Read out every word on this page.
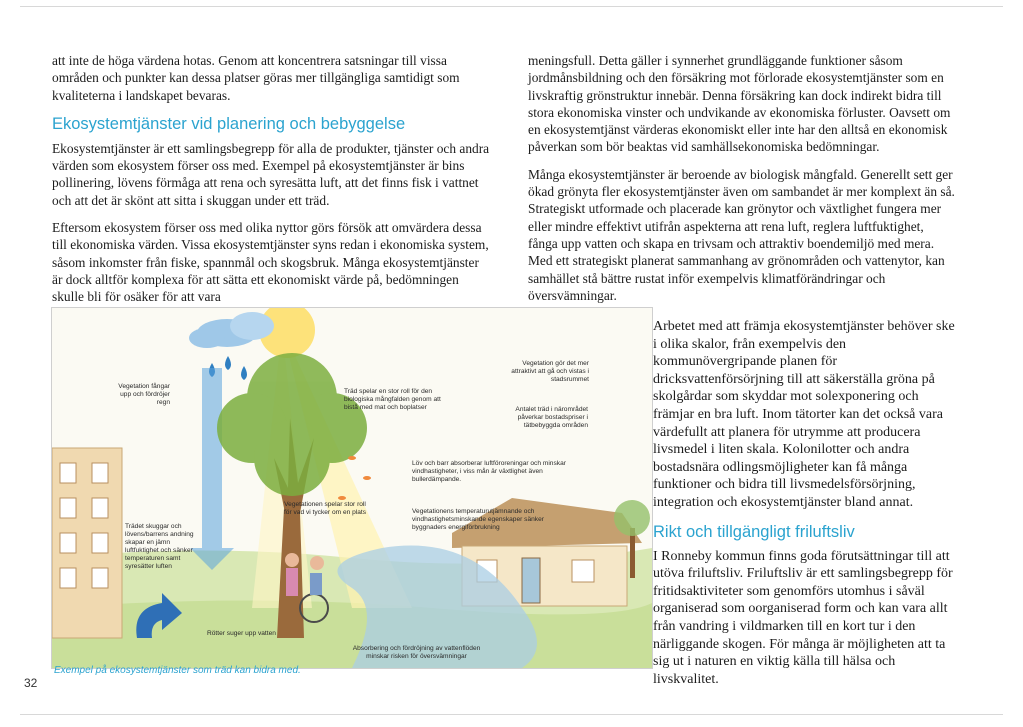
att inte de höga värdena hotas. Genom att koncentrera satsningar till vissa områden och punkter kan dessa platser göras mer tillgängliga samtidigt som kvaliteterna i landskapet bevaras.

Ekosystemtjänster vid planering och bebyggelse

Ekosystemtjänster är ett samlingsbegrepp för alla de produkter, tjänster och andra värden som ekosystem förser oss med. Exempel på ekosystemtjänster är bins pollinering, lövens förmåga att rena och syresätta luft, att det finns fisk i vattnet och att det är skönt att sitta i skuggan under ett träd.

Eftersom ekosystem förser oss med olika nyttor görs försök att omvärdera dessa till ekonomiska värden. Vissa ekosystemtjänster syns redan i ekonomiska system, såsom inkomster från fiske, spannmål och skogsbruk. Många ekosystemtjänster är dock alltför komplexa för att sätta ett ekonomiskt värde på, bedömningen skulle bli för osäker för att vara

meningsfull. Detta gäller i synnerhet grundläggande funktioner såsom jordmånsbildning och den försäkring mot förlorade ekosystemtjänster som en livskraftig grönstruktur innebär. Denna försäkring kan dock indirekt bidra till stora ekonomiska vinster och undvikande av ekonomiska förluster. Oavsett om en ekosystemtjänst värderas ekonomiskt eller inte har den alltså en ekonomisk påverkan som bör beaktas vid samhällsekonomiska bedömningar.

Många ekosystemtjänster är beroende av biologisk mångfald. Generellt sett ger ökad grönyta fler ekosystemtjänster även om sambandet är mer komplext än så. Strategiskt utformade och placerade kan grönytor och växtlighet fungera mer eller mindre effektivt utifrån aspekterna att rena luft, reglera luftfuktighet, fånga upp vatten och skapa en trivsam och attraktiv boendemiljö med mera. Med ett strategiskt planerat sammanhang av grönområden och vattenytor, kan samhället stå bättre rustat inför exempelvis klimatförändringar och översvämningar.

Arbetet med att främja ekosystemtjänster behöver ske i olika skalor, från exempelvis den kommunövergripande planen för dricksvattenförsörjning till att säkerställa gröna på skolgårdar som skyddar mot solexponering och främjar en bra luft. Inom tätorter kan det också vara värdefullt att planera för utrymme att producera livsmedel i liten skala. Kolonilotter och andra bostadsnära odlingsmöjligheter kan få många funktioner och bidra till livsmedelsförsörjning, integration och ekosystemtjänster bland annat.

Rikt och tillgängligt friluftsliv

I Ronneby kommun finns goda förutsättningar till att utöva friluftsliv. Friluftsliv är ett samlingsbegrepp för fritidsaktiviteter som genomförs utomhus i såväl organiserad som oorganiserad form och kan vara allt från vandring i vildmarken till en kort tur i den närliggande skogen. För många är möjligheten att ta sig ut i naturen en viktig källa till hälsa och livskvalitet.

Vegetation fångar upp och fördröjer regn
Träd spelar en stor roll för den biologiska mångfalden genom att bistå med mat och boplatser
Vegetation gör det mer attraktivt att gå och vistas i stadsrummet
Antalet träd i närområdet påverkar bostadspriser i tätbebyggda områden
Löv och barr absorberar luftföroreningar och minskar vindhastigheter, i viss mån är växtlighet även bullerdämpande.
Trädet skuggar och lövens/barrens andning skapar en jämn luftfuktighet och sänker temperaturen samt syresätter luften
Vegetationen spelar stor roll för vad vi tycker om en plats	Vegetationens temperaturutjämnande och vindhastighetsminskande egenskaper sänker byggnaders energiförbrukning
Rötter suger upp vatten
Absorbering och fördröjning av vattenflöden minskar risken för översvämningar
Exempel på ekosystemtjänster som träd kan bidra med.
32
